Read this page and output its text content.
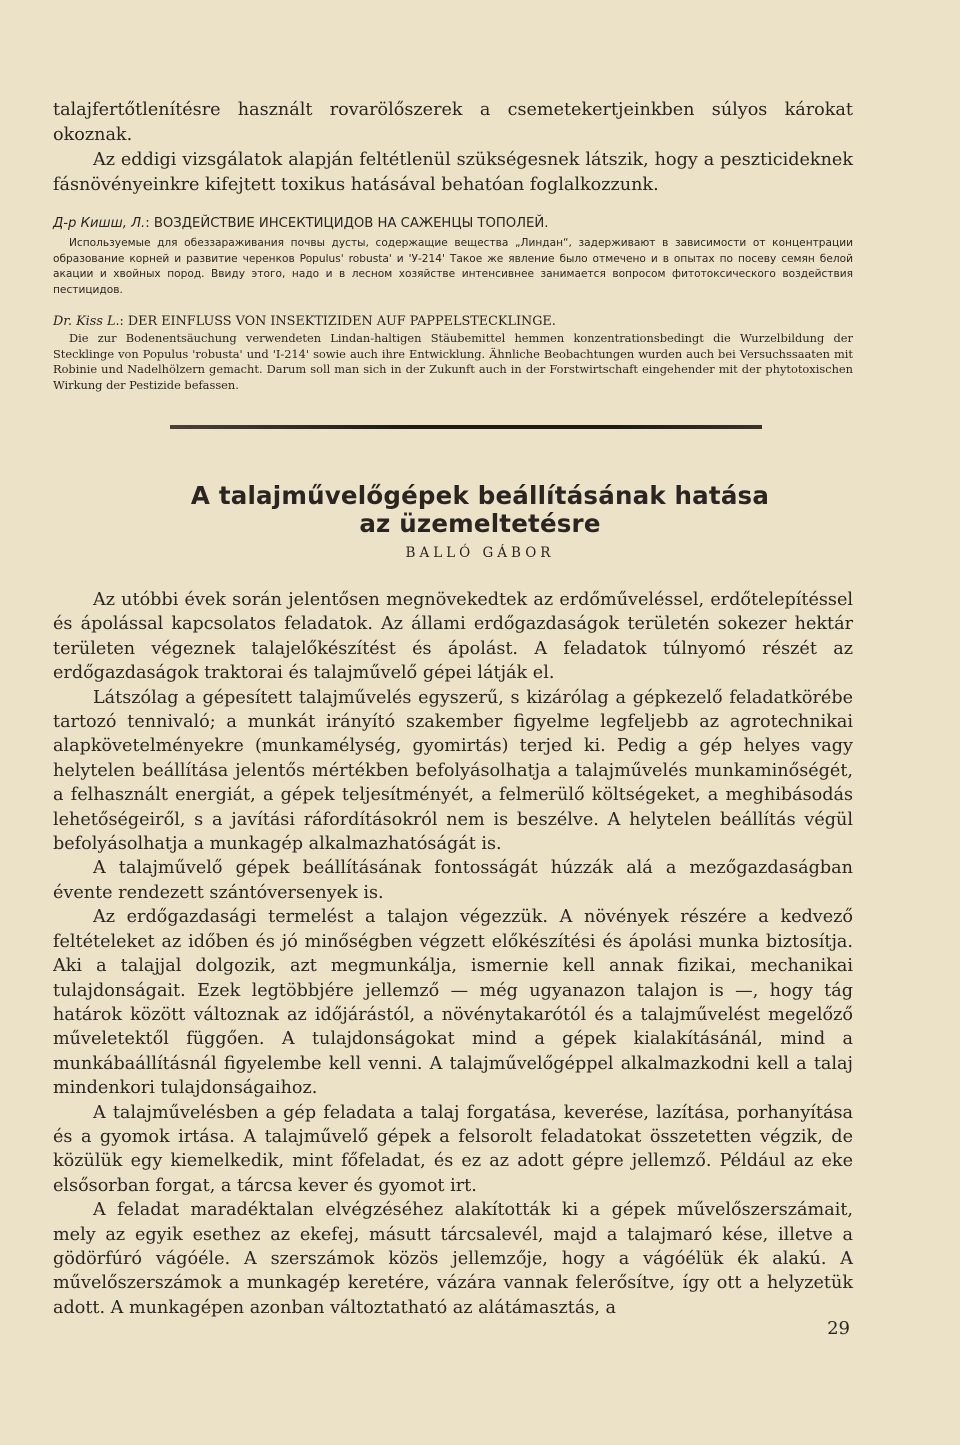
talajfertőtlenítésre használt rovarölőszerek a csemetekertjeinkben súlyos károkat okoznak.

Az eddigi vizsgálatok alapján feltétlenül szükségesnek látszik, hogy a peszticideknek fásnövényeinkre kifejtett toxikus hatásával behatóan foglalkozzunk.

Д-р Кишш, Л.: ВОЗДЕЙСТВИЕ ИНСЕКТИЦИДОВ НА САЖЕНЦЫ ТОПОЛЕЙ.

Используемые для обеззараживания почвы дусты, содержащие вещества „Линдан“, задерживают в зависимости от концентрации образование корней и развитие черенков Populus' robusta' и 'У-214' Такое же явление было отмечено и в опытах по посеву семян белой акации и хвойных пород. Ввиду этого, надо и в лесном хозяйстве интенсивнее занимается вопросом фитотоксического воздействия пестицидов.

Dr. Kiss L.: DER EINFLUSS VON INSEKTIZIDEN AUF PAPPELSTECKLINGE.

Die zur Bodenentsäuchung verwendeten Lindan-haltigen Stäubemittel hemmen konzentrationsbedingt die Wurzelbildung der Stecklinge von Populus 'robusta' und 'I-214' sowie auch ihre Entwicklung. Ähnliche Beobachtungen wurden auch bei Versuchssaaten mit Robinie und Nadelhölzern gemacht. Darum soll man sich in der Zukunft auch in der Forstwirtschaft eingehender mit der phytotoxischen Wirkung der Pestizide befassen.

A talajművelőgépek beállításának hatása
az üzemeltetésre
BALLÓ GÁBOR

Az utóbbi évek során jelentősen megnövekedtek az erdőműveléssel, erdőtelepítéssel és ápolással kapcsolatos feladatok. Az állami erdőgazdaságok területén sokezer hektár területen végeznek talajelőkészítést és ápolást. A feladatok túlnyomó részét az erdőgazdaságok traktorai és talajművelő gépei látják el.

Látszólag a gépesített talajművelés egyszerű, s kizárólag a gépkezelő feladatkörébe tartozó tennivaló; a munkát irányító szakember figyelme legfeljebb az agrotechnikai alapkövetelményekre (munkamélység, gyomirtás) terjed ki. Pedig a gép helyes vagy helytelen beállítása jelentős mértékben befolyásolhatja a talajművelés munkaminőségét, a felhasznált energiát, a gépek teljesítményét, a felmerülő költségeket, a meghibásodás lehetőségeiről, s a javítási ráfordításokról nem is beszélve. A helytelen beállítás végül befolyásolhatja a munkagép alkalmazhatóságát is.

A talajművelő gépek beállításának fontosságát húzzák alá a mezőgazdaságban évente rendezett szántóversenyek is.

Az erdőgazdasági termelést a talajon végezzük. A növények részére a kedvező feltételeket az időben és jó minőségben végzett előkészítési és ápolási munka biztosítja. Aki a talajjal dolgozik, azt megmunkálja, ismernie kell annak fizikai, mechanikai tulajdonságait. Ezek legtöbbjére jellemző — még ugyanazon talajon is —, hogy tág határok között változnak az időjárástól, a növénytakarótól és a talajművelést megelőző műveletektől függően. A tulajdonságokat mind a gépek kialakításánál, mind a munkábaállításnál figyelembe kell venni. A talajművelőgéppel alkalmazkodni kell a talaj mindenkori tulajdonságaihoz.

A talajművelésben a gép feladata a talaj forgatása, keverése, lazítása, porhanyítása és a gyomok irtása. A talajművelő gépek a felsorolt feladatokat összetetten végzik, de közülük egy kiemelkedik, mint főfeladat, és ez az adott gépre jellemző. Például az eke elsősorban forgat, a tárcsa kever és gyomot irt.

A feladat maradéktalan elvégzéséhez alakították ki a gépek művelőszerszámait, mely az egyik esethez az ekefej, másutt tárcsalevél, majd a talajmaró kése, illetve a gödörfúró vágóéle. A szerszámok közös jellemzője, hogy a vágóélük ék alakú. A művelőszerszámok a munkagép keretére, vázára vannak felerősítve, így ott a helyzetük adott. A munkagépen azonban változtatható az alátámasztás, a

29
